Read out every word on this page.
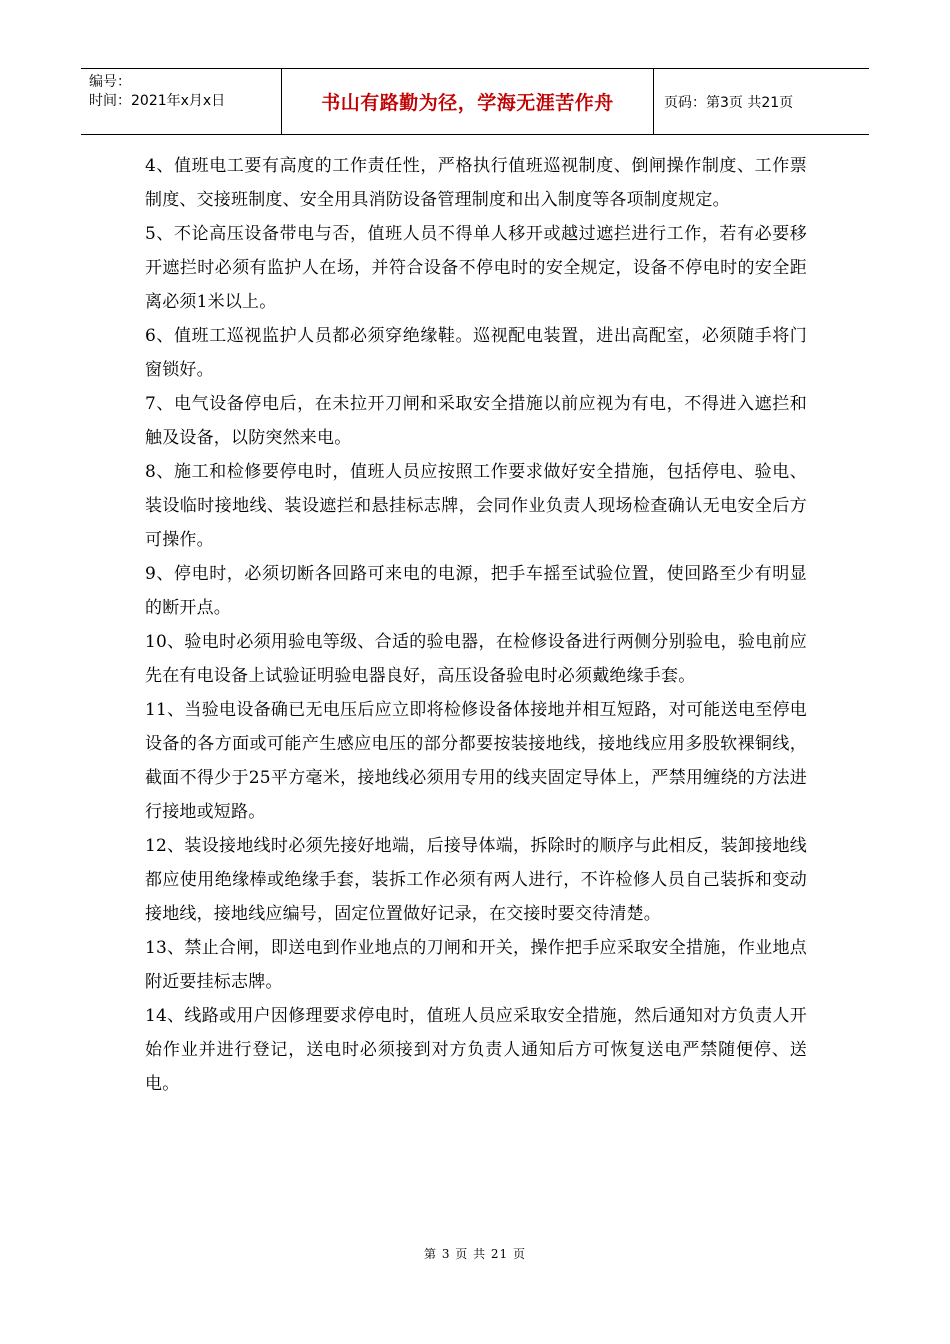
编号：
时间：2021年x月x日	书山有路勤为径，学海无涯苦作舟	页码：第3页 共21页

4、值班电工要有高度的工作责任性，严格执行值班巡视制度、倒闸操作制度、工作票制度、交接班制度、安全用具消防设备管理制度和出入制度等各项制度规定。

5、不论高压设备带电与否，值班人员不得单人移开或越过遮拦进行工作，若有必要移开遮拦时必须有监护人在场，并符合设备不停电时的安全规定，设备不停电时的安全距离必须1米以上。

6、值班工巡视监护人员都必须穿绝缘鞋。巡视配电装置，进出高配室，必须随手将门窗锁好。

7、电气设备停电后，在未拉开刀闸和采取安全措施以前应视为有电，不得进入遮拦和触及设备，以防突然来电。

8、施工和检修要停电时，值班人员应按照工作要求做好安全措施，包括停电、验电、装设临时接地线、装设遮拦和悬挂标志牌，会同作业负责人现场检查确认无电安全后方可操作。

9、停电时，必须切断各回路可来电的电源，把手车摇至试验位置，使回路至少有明显的断开点。

10、验电时必须用验电等级、合适的验电器，在检修设备进行两侧分别验电，验电前应先在有电设备上试验证明验电器良好，高压设备验电时必须戴绝缘手套。

11、当验电设备确已无电压后应立即将检修设备体接地并相互短路，对可能送电至停电设备的各方面或可能产生感应电压的部分都要按装接地线，接地线应用多股软裸铜线，截面不得少于25平方毫米，接地线必须用专用的线夹固定导体上，严禁用缠绕的方法进行接地或短路。

12、装设接地线时必须先接好地端，后接导体端，拆除时的顺序与此相反，装卸接地线都应使用绝缘棒或绝缘手套，装拆工作必须有两人进行，不许检修人员自己装拆和变动接地线，接地线应编号，固定位置做好记录，在交接时要交待清楚。

13、禁止合闸，即送电到作业地点的刀闸和开关，操作把手应采取安全措施，作业地点附近要挂标志牌。

14、线路或用户因修理要求停电时，值班人员应采取安全措施，然后通知对方负责人开始作业并进行登记，送电时必须接到对方负责人通知后方可恢复送电严禁随便停、送电。

第 3 页 共 21 页
